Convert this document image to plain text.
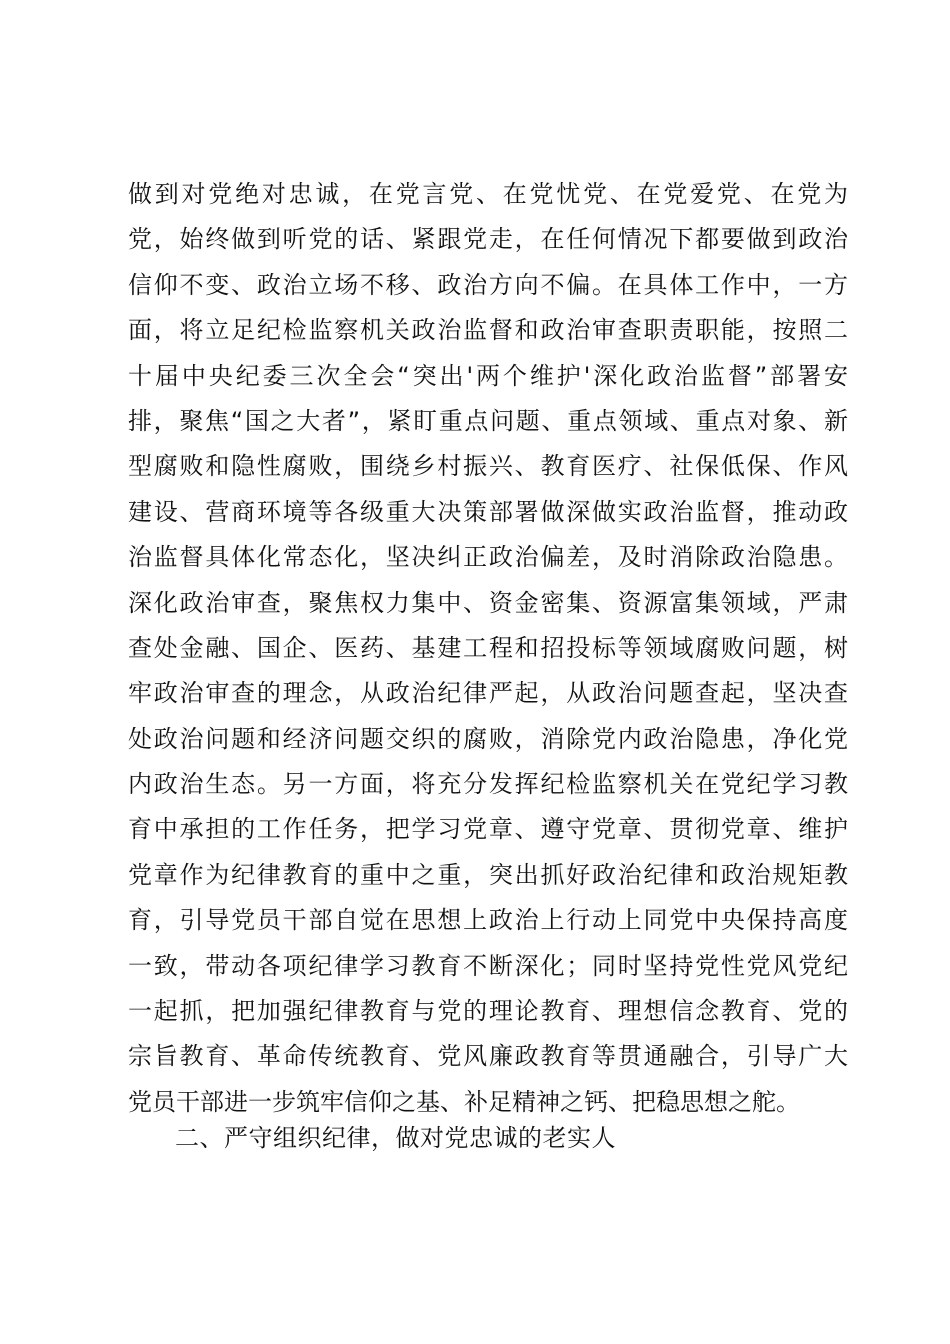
做到对党绝对忠诚，在党言党、在党忧党、在党爱党、在党为
党，始终做到听党的话、紧跟党走，在任何情况下都要做到政治
信仰不变、政治立场不移、政治方向不偏。在具体工作中，一方
面，将立足纪检监察机关政治监督和政治审查职责职能，按照二
十届中央纪委三次全会“突出'两个维护'深化政治监督”部署安
排，聚焦“国之大者”，紧盯重点问题、重点领域、重点对象、新
型腐败和隐性腐败，围绕乡村振兴、教育医疗、社保低保、作风
建设、营商环境等各级重大决策部署做深做实政治监督，推动政
治监督具体化常态化，坚决纠正政治偏差，及时消除政治隐患。
深化政治审查，聚焦权力集中、资金密集、资源富集领域，严肃
查处金融、国企、医药、基建工程和招投标等领域腐败问题，树
牢政治审查的理念，从政治纪律严起，从政治问题查起，坚决查
处政治问题和经济问题交织的腐败，消除党内政治隐患，净化党
内政治生态。另一方面，将充分发挥纪检监察机关在党纪学习教
育中承担的工作任务，把学习党章、遵守党章、贯彻党章、维护
党章作为纪律教育的重中之重，突出抓好政治纪律和政治规矩教
育，引导党员干部自觉在思想上政治上行动上同党中央保持高度
一致，带动各项纪律学习教育不断深化；同时坚持党性党风党纪
一起抓，把加强纪律教育与党的理论教育、理想信念教育、党的
宗旨教育、革命传统教育、党风廉政教育等贯通融合，引导广大
党员干部进一步筑牢信仰之基、补足精神之钙、把稳思想之舵。
二、严守组织纪律，做对党忠诚的老实人
